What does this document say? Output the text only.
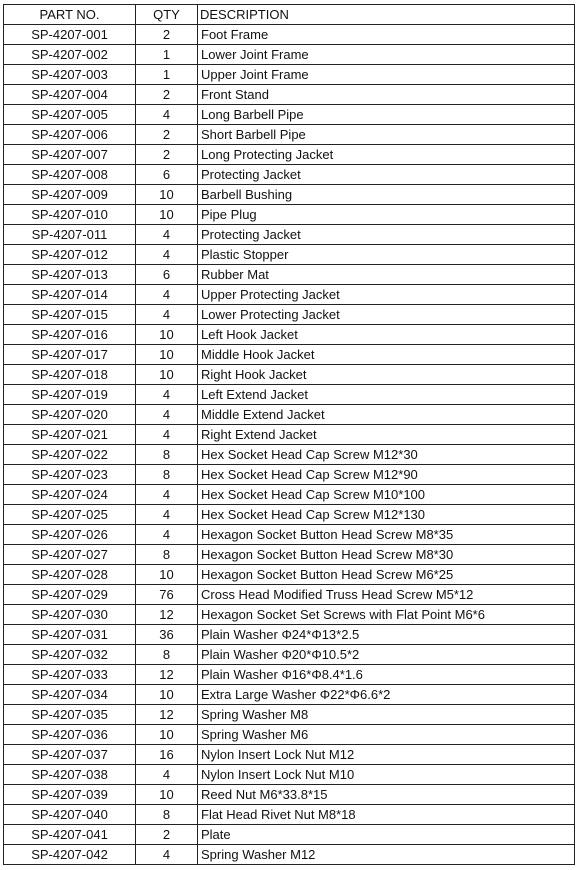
PART NO.	QTY	DESCRIPTION
SP-4207-001	2	Foot Frame
SP-4207-002	1	Lower Joint Frame
SP-4207-003	1	Upper Joint Frame
SP-4207-004	2	Front Stand
SP-4207-005	4	Long Barbell Pipe
SP-4207-006	2	Short Barbell Pipe
SP-4207-007	2	Long Protecting Jacket
SP-4207-008	6	Protecting Jacket
SP-4207-009	10	Barbell Bushing
SP-4207-010	10	Pipe Plug
SP-4207-011	4	Protecting Jacket
SP-4207-012	4	Plastic Stopper
SP-4207-013	6	Rubber Mat
SP-4207-014	4	Upper Protecting Jacket
SP-4207-015	4	Lower Protecting Jacket
SP-4207-016	10	Left Hook Jacket
SP-4207-017	10	Middle Hook Jacket
SP-4207-018	10	Right Hook Jacket
SP-4207-019	4	Left Extend Jacket
SP-4207-020	4	Middle Extend Jacket
SP-4207-021	4	Right Extend Jacket
SP-4207-022	8	Hex Socket Head Cap Screw M12*30
SP-4207-023	8	Hex Socket Head Cap Screw M12*90
SP-4207-024	4	Hex Socket Head Cap Screw M10*100
SP-4207-025	4	Hex Socket Head Cap Screw M12*130
SP-4207-026	4	Hexagon Socket Button Head Screw M8*35
SP-4207-027	8	Hexagon Socket Button Head Screw M8*30
SP-4207-028	10	Hexagon Socket Button Head Screw M6*25
SP-4207-029	76	Cross Head Modified Truss Head Screw M5*12
SP-4207-030	12	Hexagon Socket Set Screws with Flat Point M6*6
SP-4207-031	36	Plain Washer Φ24*Φ13*2.5
SP-4207-032	8	Plain Washer Φ20*Φ10.5*2
SP-4207-033	12	Plain Washer Φ16*Φ8.4*1.6
SP-4207-034	10	Extra Large Washer Φ22*Φ6.6*2
SP-4207-035	12	Spring Washer M8
SP-4207-036	10	Spring Washer M6
SP-4207-037	16	Nylon Insert Lock Nut M12
SP-4207-038	4	Nylon Insert Lock Nut M10
SP-4207-039	10	Reed Nut M6*33.8*15
SP-4207-040	8	Flat Head Rivet Nut M8*18
SP-4207-041	2	Plate
SP-4207-042	4	Spring Washer M12
